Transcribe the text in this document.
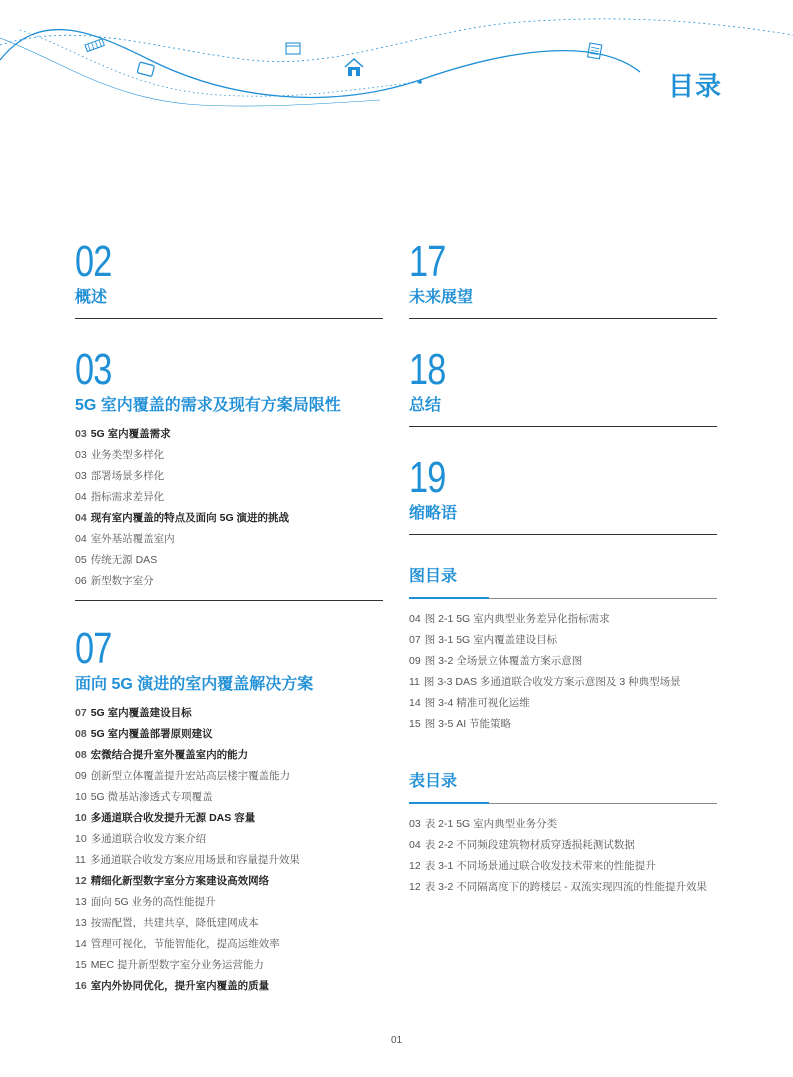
目录
02
概述
03
5G 室内覆盖的需求及现有方案局限性
03 5G 室内覆盖需求
03 业务类型多样化
03 部署场景多样化
04 指标需求差异化
04 现有室内覆盖的特点及面向 5G 演进的挑战
04 室外基站覆盖室内
05 传统无源 DAS
06 新型数字室分
07
面向 5G 演进的室内覆盖解决方案
07 5G 室内覆盖建设目标
08 5G 室内覆盖部署原则建议
08 宏微结合提升室外覆盖室内的能力
09 创新型立体覆盖提升宏站高层楼宇覆盖能力
10 5G 微基站渗透式专项覆盖
10 多通道联合收发提升无源 DAS 容量
10 多通道联合收发方案介绍
11 多通道联合收发方案应用场景和容量提升效果
12 精细化新型数字室分方案建设高效网络
13 面向 5G 业务的高性能提升
13 按需配置，共建共享，降低建网成本
14 管理可视化，节能智能化，提高运维效率
15 MEC 提升新型数字室分业务运营能力
16 室内外协同优化，提升室内覆盖的质量
17
未来展望
18
总结
19
缩略语
图目录
04 图 2-1 5G 室内典型业务差异化指标需求
07 图 3-1 5G 室内覆盖建设目标
09 图 3-2 全场景立体覆盖方案示意图
11 图 3-3 DAS 多通道联合收发方案示意图及 3 种典型场景
14 图 3-4 精准可视化运维
15 图 3-5 AI 节能策略
表目录
03 表 2-1 5G 室内典型业务分类
04 表 2-2 不同频段建筑物材质穿透损耗测试数据
12 表 3-1 不同场景通过联合收发技术带来的性能提升
12 表 3-2 不同隔离度下的跨楼层 - 双流实现四流的性能提升效果
01
